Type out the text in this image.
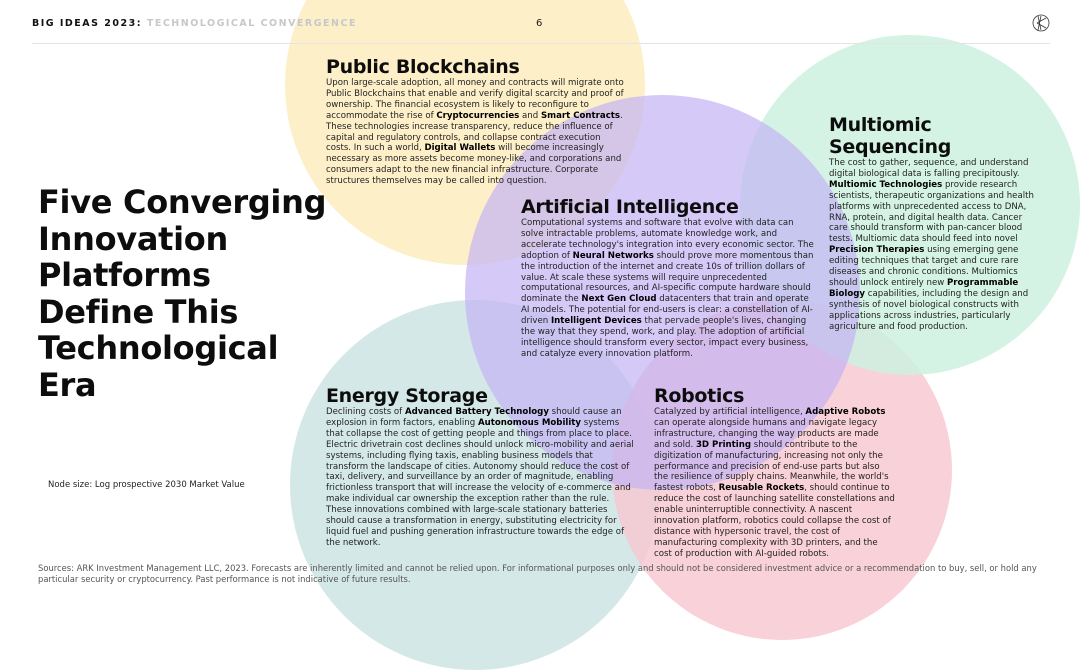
BIG IDEAS 2023: TECHNOLOGICAL CONVERGENCE	6
Five Converging Innovation Platforms Define This Technological Era
Node size: Log prospective 2030 Market Value
Public Blockchains

Upon large-scale adoption, all money and contracts will migrate onto Public Blockchains that enable and verify digital scarcity and proof of ownership. The financial ecosystem is likely to reconfigure to accommodate the rise of Cryptocurrencies and Smart Contracts. These technologies increase transparency, reduce the influence of capital and regulatory controls, and collapse contract execution costs. In such a world, Digital Wallets will become increasingly necessary as more assets become money-like, and corporations and consumers adapt to the new financial infrastructure. Corporate structures themselves may be called into question.

Artificial Intelligence

Computational systems and software that evolve with data can solve intractable problems, automate knowledge work, and accelerate technology's integration into every economic sector. The adoption of Neural Networks should prove more momentous than the introduction of the internet and create 10s of trillion dollars of value. At scale these systems will require unprecedented computational resources, and AI-specific compute hardware should dominate the Next Gen Cloud datacenters that train and operate AI models. The potential for end-users is clear: a constellation of AI-driven Intelligent Devices that pervade people's lives, changing the way that they spend, work, and play. The adoption of artificial intelligence should transform every sector, impact every business, and catalyze every innovation platform.

Multiomic Sequencing

The cost to gather, sequence, and understand digital biological data is falling precipitously. Multiomic Technologies provide research scientists, therapeutic organizations and health platforms with unprecedented access to DNA, RNA, protein, and digital health data. Cancer care should transform with pan-cancer blood tests. Multiomic data should feed into novel Precision Therapies using emerging gene editing techniques that target and cure rare diseases and chronic conditions. Multiomics should unlock entirely new Programmable Biology capabilities, including the design and synthesis of novel biological constructs with applications across industries, particularly agriculture and food production.

Energy Storage

Declining costs of Advanced Battery Technology should cause an explosion in form factors, enabling Autonomous Mobility systems that collapse the cost of getting people and things from place to place. Electric drivetrain cost declines should unlock micro-mobility and aerial systems, including flying taxis, enabling business models that transform the landscape of cities. Autonomy should reduce the cost of taxi, delivery, and surveillance by an order of magnitude, enabling frictionless transport that will increase the velocity of e-commerce and make individual car ownership the exception rather than the rule. These innovations combined with large-scale stationary batteries should cause a transformation in energy, substituting electricity for liquid fuel and pushing generation infrastructure towards the edge of the network.

Robotics

Catalyzed by artificial intelligence, Adaptive Robots can operate alongside humans and navigate legacy infrastructure, changing the way products are made and sold. 3D Printing should contribute to the digitization of manufacturing, increasing not only the performance and precision of end-use parts but also the resilience of supply chains. Meanwhile, the world's fastest robots, Reusable Rockets, should continue to reduce the cost of launching satellite constellations and enable uninterruptible connectivity. A nascent innovation platform, robotics could collapse the cost of distance with hypersonic travel, the cost of manufacturing complexity with 3D printers, and the cost of production with AI-guided robots.

Sources: ARK Investment Management LLC, 2023. Forecasts are inherently limited and cannot be relied upon. For informational purposes only and should not be considered investment advice or a recommendation to buy, sell, or hold any particular security or cryptocurrency. Past performance is not indicative of future results.
